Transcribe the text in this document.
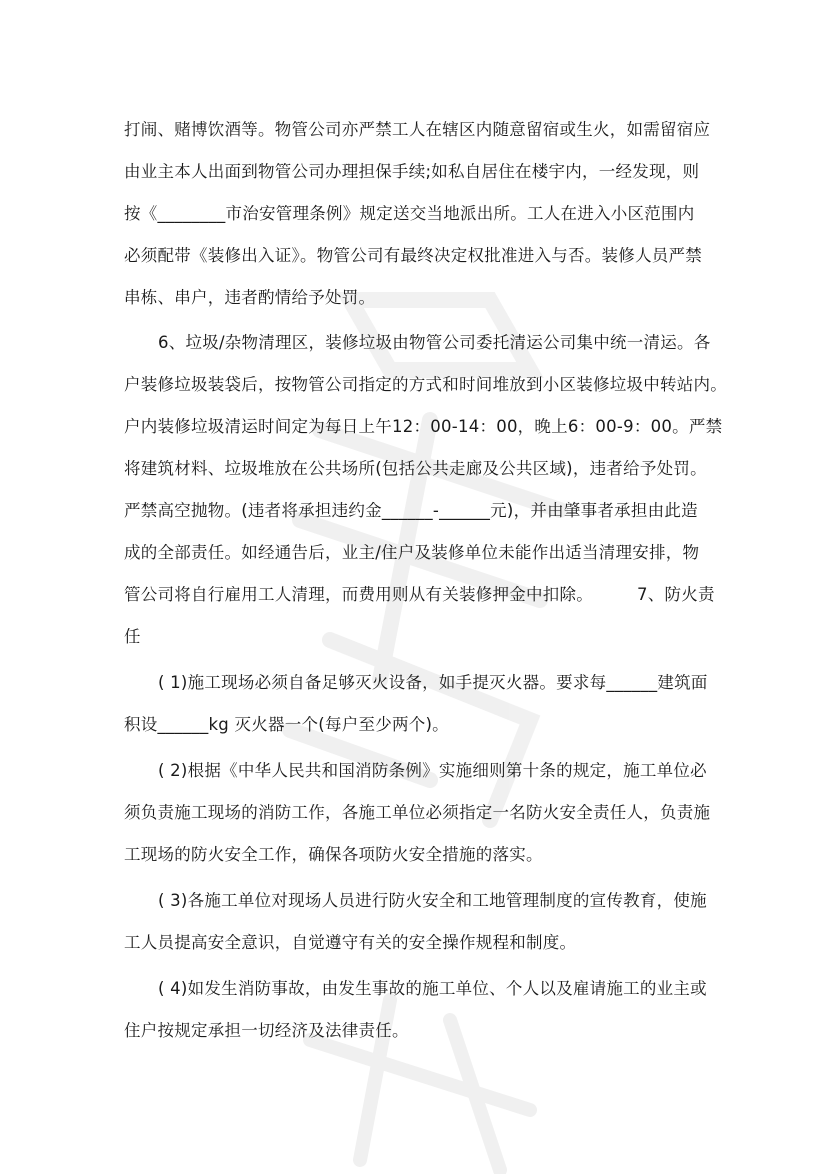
打闹、赌博饮酒等。物管公司亦严禁工人在辖区内随意留宿或生火，如需留宿应
由业主本人出面到物管公司办理担保手续;如私自居住在楼宇内，一经发现，则
按《________市治安管理条例》规定送交当地派出所。工人在进入小区范围内
必须配带《装修出入证》。物管公司有最终决定权批准进入与否。装修人员严禁
串栋、串户，违者酌情给予处罚。
6、垃圾/杂物清理区，装修垃圾由物管公司委托清运公司集中统一清运。各
户装修垃圾装袋后，按物管公司指定的方式和时间堆放到小区装修垃圾中转站内。
户内装修垃圾清运时间定为每日上午12：00-14：00，晚上6：00-9：00。严禁
将建筑材料、垃圾堆放在公共场所(包括公共走廊及公共区域)，违者给予处罚。
严禁高空抛物。(违者将承担违约金______-______元)，并由肇事者承担由此造
成的全部责任。如经通告后，业主/住户及装修单位未能作出适当清理安排，物
管公司将自行雇用工人清理，而费用则从有关装修押金中扣除。        7、防火责
任
( 1)施工现场必须自备足够灭火设备，如手提灭火器。要求每______建筑面
积设______kg 灭火器一个(每户至少两个)。
( 2)根据《中华人民共和国消防条例》实施细则第十条的规定，施工单位必
须负责施工现场的消防工作，各施工单位必须指定一名防火安全责任人，负责施
工现场的防火安全工作，确保各项防火安全措施的落实。
( 3)各施工单位对现场人员进行防火安全和工地管理制度的宣传教育，使施
工人员提高安全意识，自觉遵守有关的安全操作规程和制度。
( 4)如发生消防事故，由发生事故的施工单位、个人以及雇请施工的业主或
住户按规定承担一切经济及法律责任。
